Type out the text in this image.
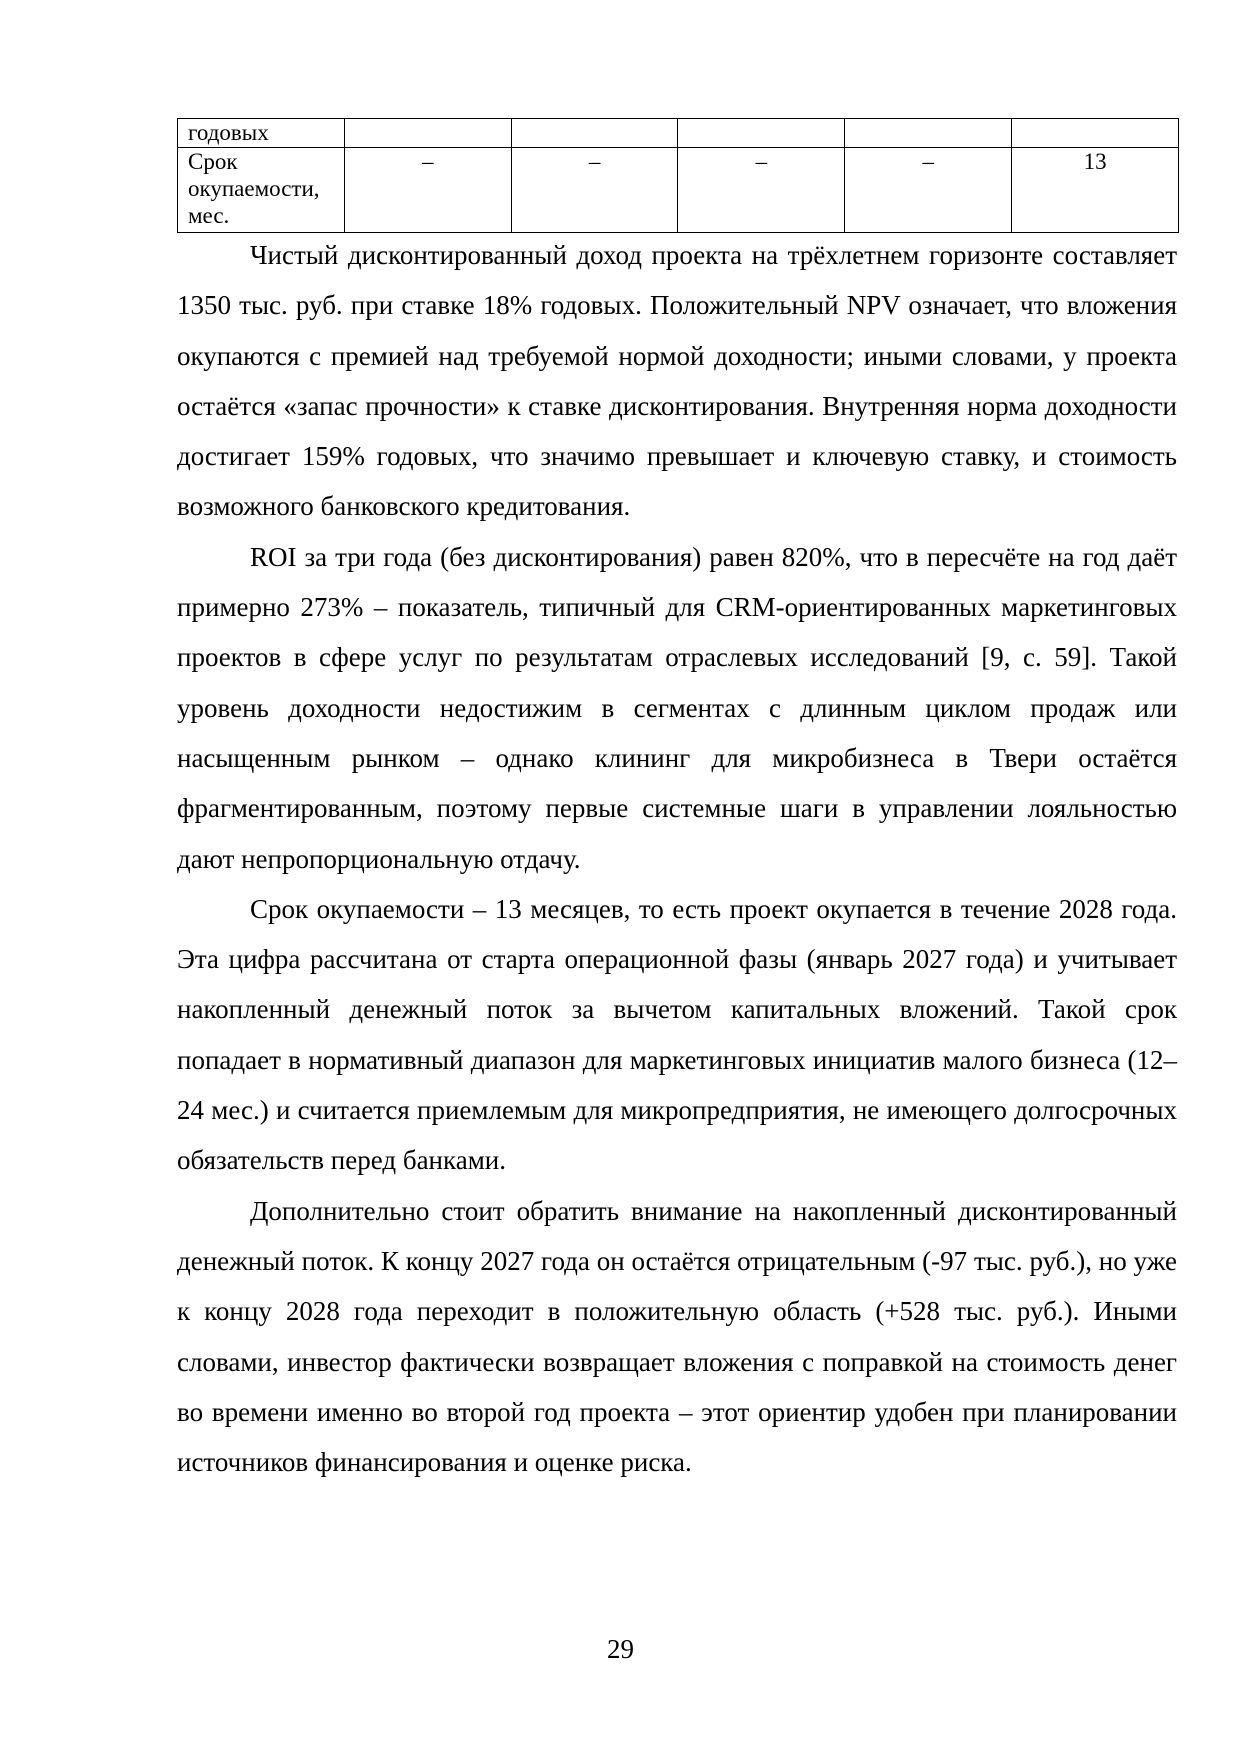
годовых					
Срок окупаемости, мес.	–	–	–	–	13

Чистый дисконтированный доход проекта на трёхлетнем горизонте составляет 1350 тыс. руб. при ставке 18% годовых. Положительный NPV означает, что вложения окупаются с премией над требуемой нормой доходности; иными словами, у проекта остаётся «запас прочности» к ставке дисконтирования. Внутренняя норма доходности достигает 159% годовых, что значимо превышает и ключевую ставку, и стоимость возможного банковского кредитования.

ROI за три года (без дисконтирования) равен 820%, что в пересчёте на год даёт примерно 273% – показатель, типичный для CRM-ориентированных маркетинговых проектов в сфере услуг по результатам отраслевых исследований [9, с. 59]. Такой уровень доходности недостижим в сегментах с длинным циклом продаж или насыщенным рынком – однако клининг для микробизнеса в Твери остаётся фрагментированным, поэтому первые системные шаги в управлении лояльностью дают непропорциональную отдачу.

Срок окупаемости – 13 месяцев, то есть проект окупается в течение 2028 года. Эта цифра рассчитана от старта операционной фазы (январь 2027 года) и учитывает накопленный денежный поток за вычетом капитальных вложений. Такой срок попадает в нормативный диапазон для маркетинговых инициатив малого бизнеса (12–24 мес.) и считается приемлемым для микропредприятия, не имеющего долгосрочных обязательств перед банками.

Дополнительно стоит обратить внимание на накопленный дисконтированный денежный поток. К концу 2027 года он остаётся отрицательным (-97 тыс. руб.), но уже к концу 2028 года переходит в положительную область (+528 тыс. руб.). Иными словами, инвестор фактически возвращает вложения с поправкой на стоимость денег во времени именно во второй год проекта – этот ориентир удобен при планировании источников финансирования и оценке риска.

29
